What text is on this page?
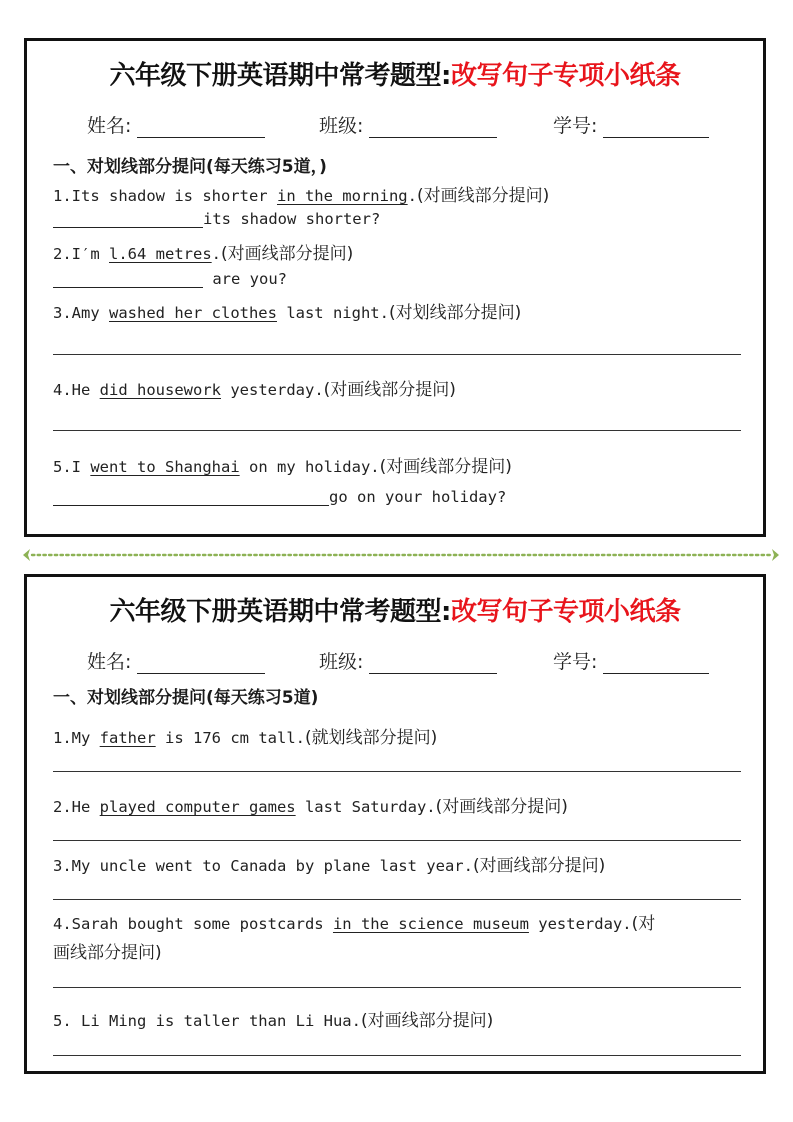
六年级下册英语期中常考题型:改写句子专项小纸条
姓名:	班级:	学号:
一、对划线部分提问(每天练习5道，)
1.Its shadow is shorter in the morning.(对画线部分提问)
its shadow shorter?
2.I′m l.64 metres.(对画线部分提问)
are you?
3.Amy washed her clothes last night.(对划线部分提问)
4.He did housework yesterday.(对画线部分提问)
5.I went to Shanghai on my holiday.(对画线部分提问)
go on your holiday?
六年级下册英语期中常考题型:改写句子专项小纸条
姓名:	班级:	学号:
一、对划线部分提问(每天练习5道)
1.My father is 176 cm tall.(就划线部分提问)
2.He played computer games last Saturday.(对画线部分提问)
3.My uncle went to Canada by plane last year.(对画线部分提问)
4.Sarah bought some postcards in the science museum yesterday.(对
画线部分提问)
5. Li Ming is taller than Li Hua.(对画线部分提问)
